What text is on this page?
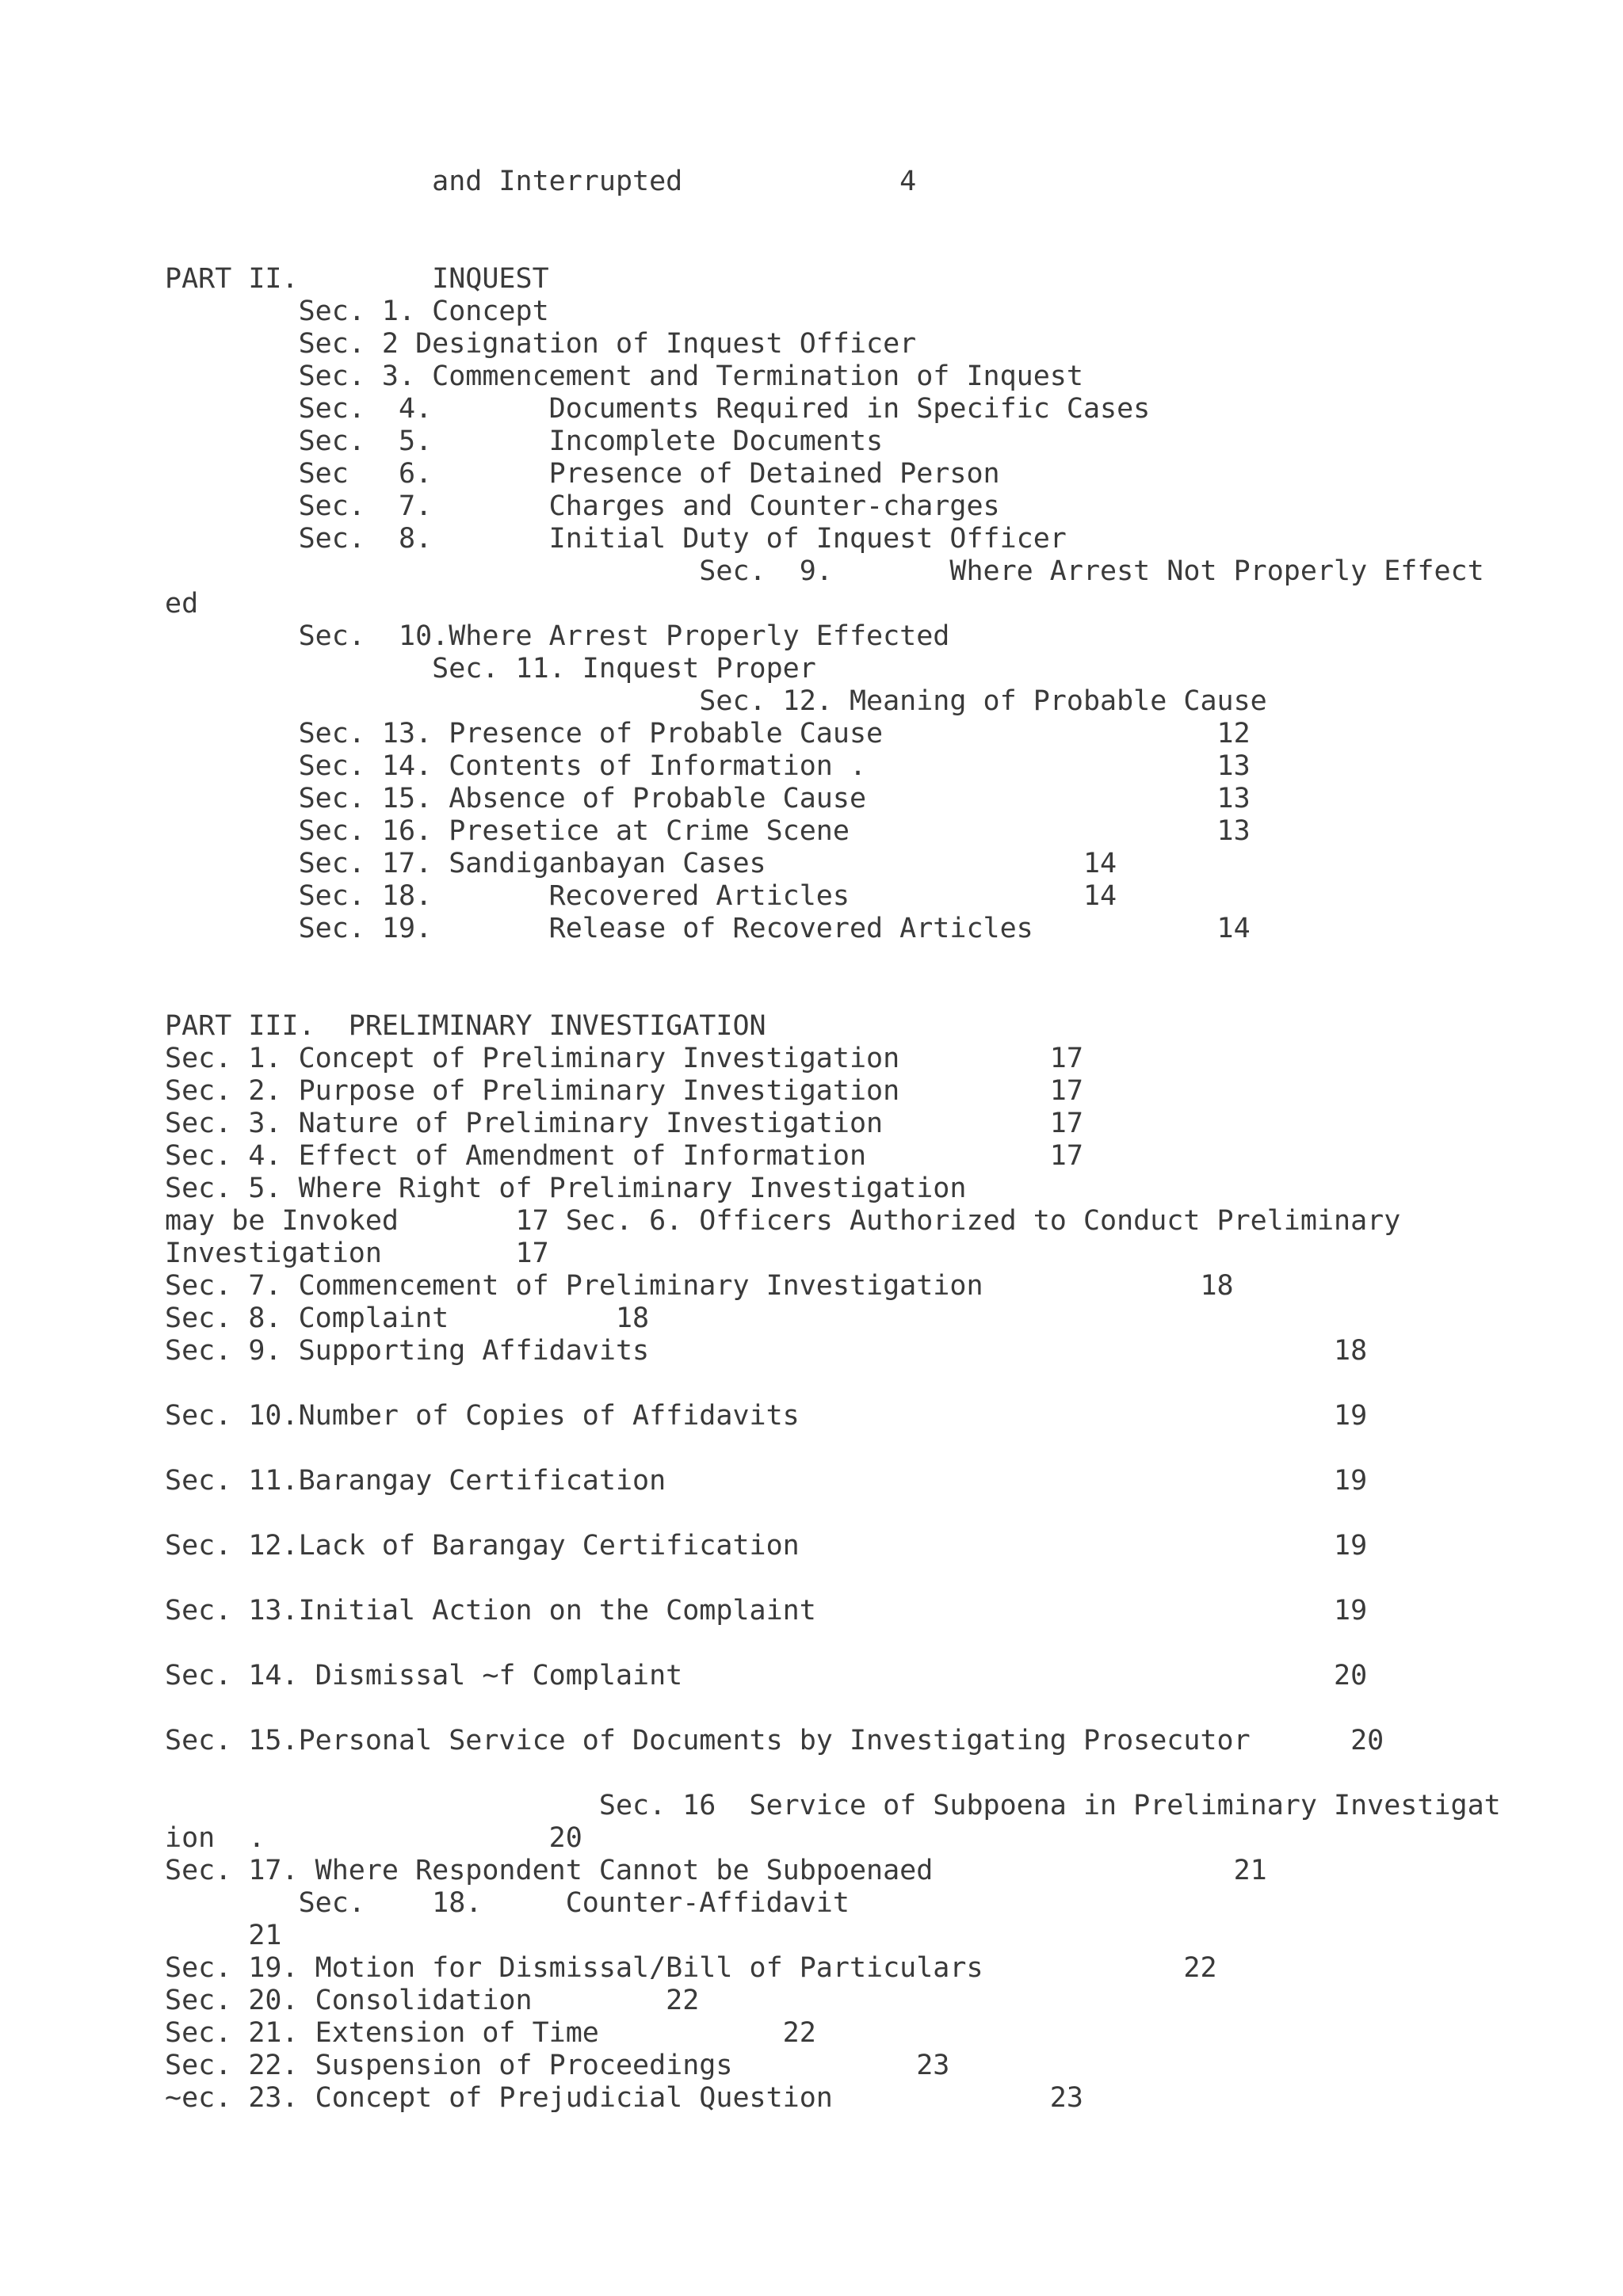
and Interrupted             4

PART II.        INQUEST

Sec. 1. Concept

Sec. 2 Designation of Inquest Officer

Sec. 3. Commencement and Termination of Inquest

Sec.  4.       Documents Required in Specific Cases

Sec.  5.       Incomplete Documents

Sec   6.       Presence of Detained Person

Sec.  7.       Charges and Counter-charges

Sec.  8.       Initial Duty of Inquest Officer

Sec.  9.       Where Arrest Not Properly Effect

ed

Sec.  10.Where Arrest Properly Effected

Sec. 11. Inquest Proper

Sec. 12. Meaning of Probable Cause

Sec. 13. Presence of Probable Cause                    12

Sec. 14. Contents of Information .                     13

Sec. 15. Absence of Probable Cause                     13

Sec. 16. Presetice at Crime Scene                      13

Sec. 17. Sandiganbayan Cases                   14

Sec. 18.       Recovered Articles              14

Sec. 19.       Release of Recovered Articles           14

PART III.  PRELIMINARY INVESTIGATION

Sec. 1. Concept of Preliminary Investigation         17

Sec. 2. Purpose of Preliminary Investigation         17

Sec. 3. Nature of Preliminary Investigation          17

Sec. 4. Effect of Amendment of Information           17

Sec. 5. Where Right of Preliminary Investigation

may be Invoked       17 Sec. 6. Officers Authorized to Conduct Preliminary

Investigation        17

Sec. 7. Commencement of Preliminary Investigation             18

Sec. 8. Complaint          18

Sec. 9. Supporting Affidavits                                         18

Sec. 10.Number of Copies of Affidavits                                19

Sec. 11.Barangay Certification                                        19

Sec. 12.Lack of Barangay Certification                                19

Sec. 13.Initial Action on the Complaint                               19

Sec. 14. Dismissal ~f Complaint                                       20

Sec. 15.Personal Service of Documents by Investigating Prosecutor      20

Sec. 16  Service of Subpoena in Preliminary Investigat

ion  .                 20

Sec. 17. Where Respondent Cannot be Subpoenaed                  21

Sec.    18.     Counter-Affidavit

21

Sec. 19. Motion for Dismissal/Bill of Particulars            22

Sec. 20. Consolidation        22

Sec. 21. Extension of Time           22

Sec. 22. Suspension of Proceedings           23

~ec. 23. Concept of Prejudicial Question             23
